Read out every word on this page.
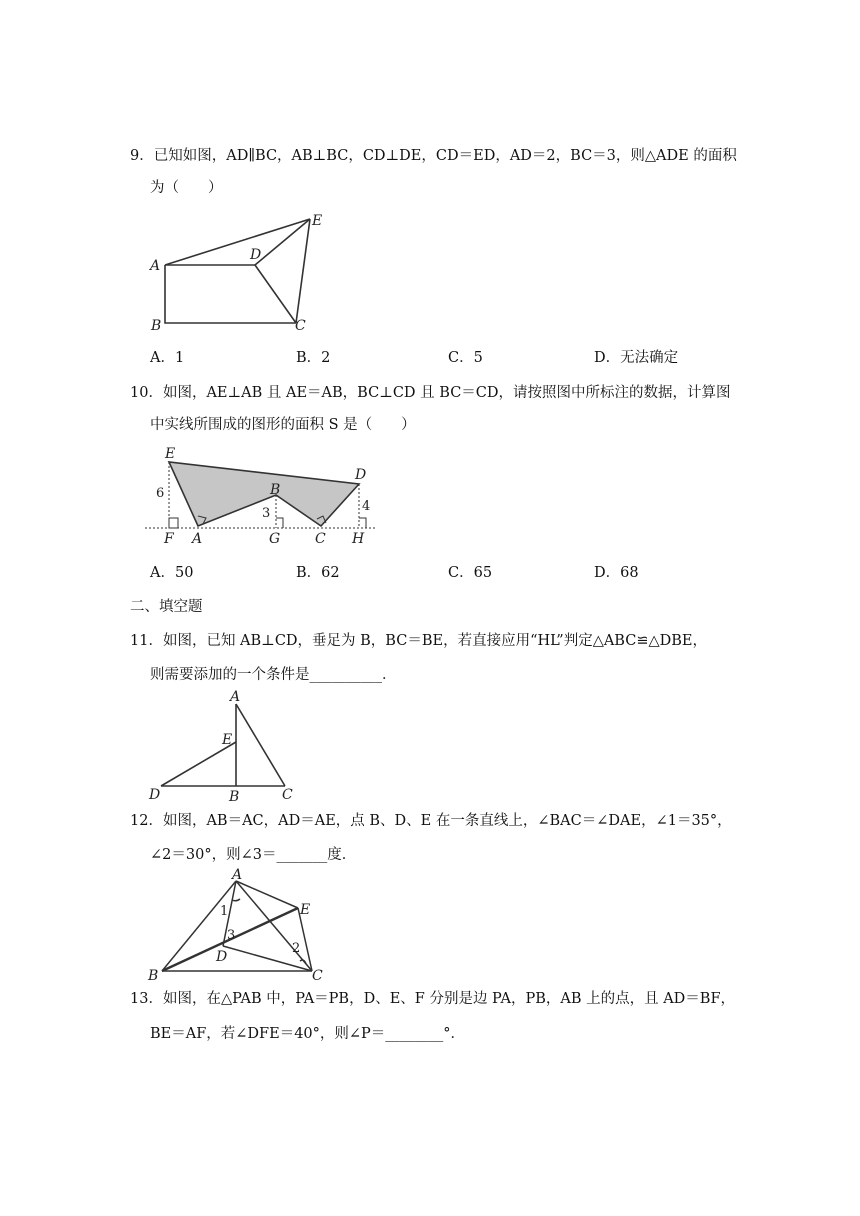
9．已知如图，AD∥BC，AB⊥BC，CD⊥DE，CD＝ED，AD＝2，BC＝3，则△ADE 的面积
为（　　）
A
B	C
D
E
A．1	B．2	C．5	D．无法确定
10．如图，AE⊥AB 且 AE＝AB，BC⊥CD 且 BC＝CD，请按照图中所标注的数据，计算图
中实线所围成的图形的面积 S 是（　　）
E
D
B
F A	G C H
6
3	4
A．50	B．62	C．65	D．68
二、填空题
11．如图，已知 AB⊥CD，垂足为 B，BC＝BE，若直接应用“HL”判定△ABC≌△DBE，
则需要添加的一个条件是__________．
A
E
D	B	C
12．如图，AB＝AC，AD＝AE，点 B、D、E 在一条直线上，∠BAC＝∠DAE，∠1＝35°，
∠2＝30°，则∠3＝_______度．
A
E
B
D
C
1
2
3
13．如图，在△PAB 中，PA＝PB，D、E、F 分别是边 PA，PB，AB 上的点，且 AD＝BF，
BE＝AF，若∠DFE＝40°，则∠P＝________°．
